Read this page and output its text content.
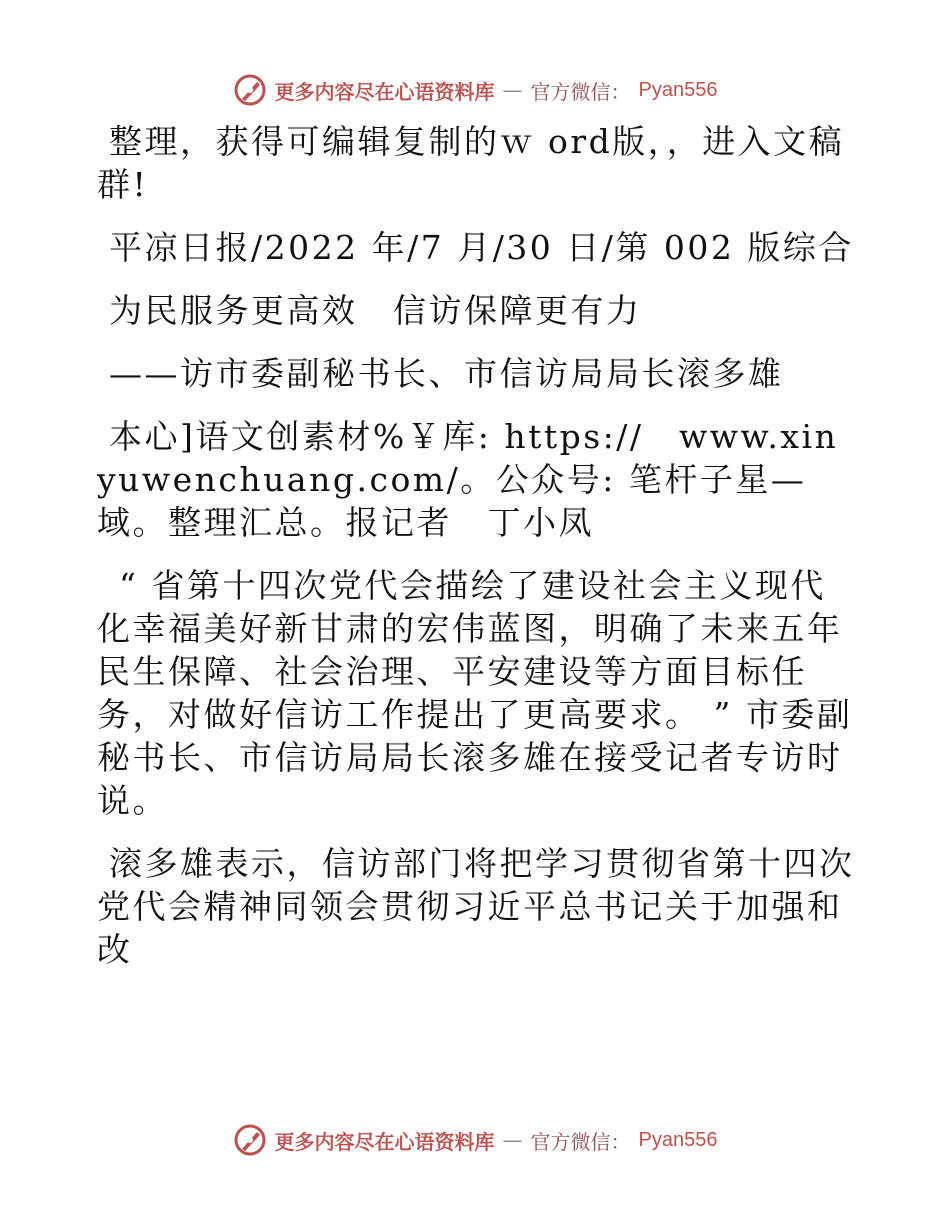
更多内容尽在心语资料库 — 官方微信： Pyan556

整理，获得可编辑复制的ｗ ord版，，进入文稿群!

平凉日报/2022 年/7 月/30 日/第 002 版综合

为民服务更高效　信访保障更有力

——访市委副秘书长、市信访局局长滚多雄

本心]语文创素材%￥库: https://　www.xinyuwenchuang.com/。公众号: 笔杆子星—域。整理汇总。报记者　丁小凤

“ 省第十四次党代会描绘了建设社会主义现代化幸福美好新甘肃的宏伟蓝图，明确了未来五年民生保障、社会治理、平安建设等方面目标任务，对做好信访工作提出了更高要求。 ” 市委副秘书长、市信访局局长滚多雄在接受记者专访时说。

滚多雄表示，信访部门将把学习贯彻省第十四次党代会精神同领会贯彻习近平总书记关于加强和改

更多内容尽在心语资料库 — 官方微信： Pyan556
